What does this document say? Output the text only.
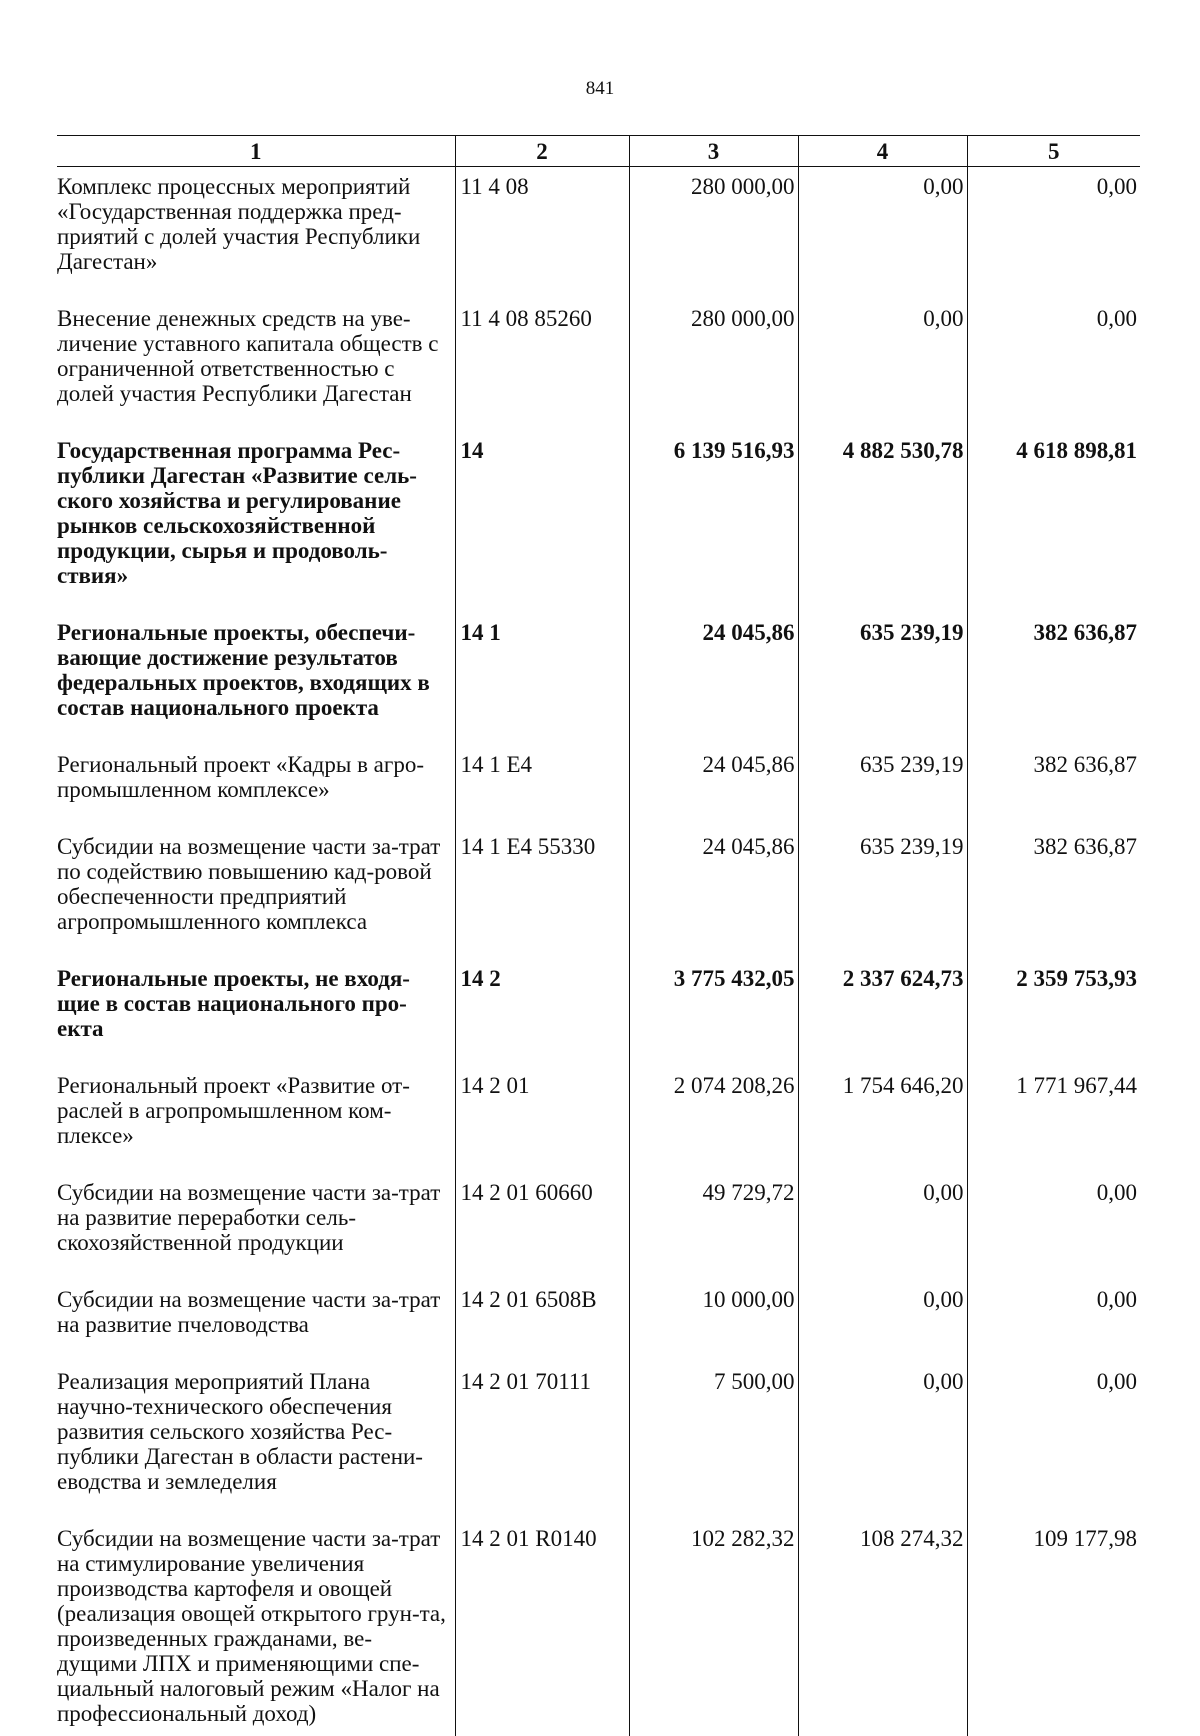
841
1	2	3	4	5
Комплекс процессных мероприятий «Государственная поддержка пред-приятий с долей участия Республики Дагестан»	11 4 08	280 000,00	0,00	0,00
Внесение денежных средств на уве-личение уставного капитала обществ с ограниченной ответственностью с долей участия Республики Дагестан	11 4 08 85260	280 000,00	0,00	0,00
Государственная программа Рес-публики Дагестан «Развитие сель-ского хозяйства и регулирование рынков сельскохозяйственной продукции, сырья и продоволь-ствия»	14	6 139 516,93	4 882 530,78	4 618 898,81
Региональные проекты, обеспечи-вающие достижение результатов федеральных проектов, входящих в состав национального проекта	14 1	24 045,86	635 239,19	382 636,87
Региональный проект «Кадры в агро-промышленном комплексе»	14 1 E4	24 045,86	635 239,19	382 636,87
Субсидии на возмещение части за-трат по содействию повышению кад-ровой обеспеченности предприятий агропромышленного комплекса	14 1 E4 55330	24 045,86	635 239,19	382 636,87
Региональные проекты, не входя-щие в состав национального про-екта	14 2	3 775 432,05	2 337 624,73	2 359 753,93
Региональный проект «Развитие от-раслей в агропромышленном ком-плексе»	14 2 01	2 074 208,26	1 754 646,20	1 771 967,44
Субсидии на возмещение части за-трат на развитие переработки сель-скохозяйственной продукции	14 2 01 60660	49 729,72	0,00	0,00
Субсидии на возмещение части за-трат на развитие пчеловодства	14 2 01 6508B	10 000,00	0,00	0,00
Реализация мероприятий Плана научно-технического обеспечения развития сельского хозяйства Рес-публики Дагестан в области растени-еводства и земледелия	14 2 01 70111	7 500,00	0,00	0,00
Субсидии на возмещение части за-трат на стимулирование увеличения производства картофеля и овощей (реализация овощей открытого грун-та, произведенных гражданами, ве-дущими ЛПХ и применяющими спе-циальный налоговый режим «Налог на профессиональный доход)	14 2 01 R0140	102 282,32	108 274,32	109 177,98
